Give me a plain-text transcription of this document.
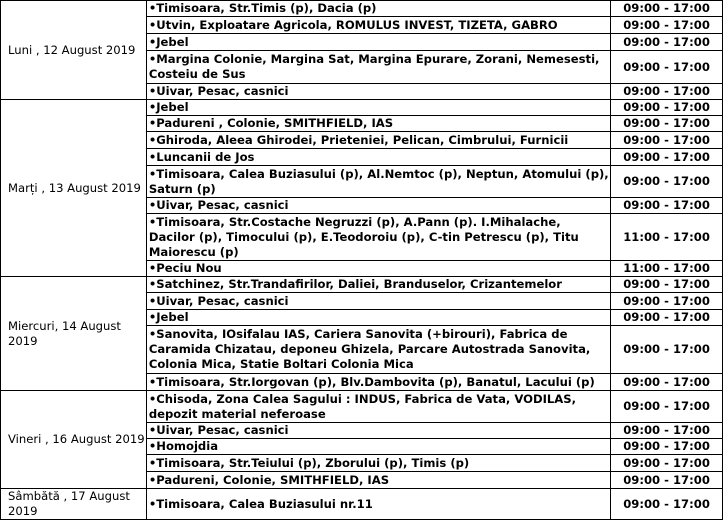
Luni , 12 August 2019	•Timisoara, Str.Timis (p), Dacia (p)	09:00 - 17:00
	•Utvin, Exploatare Agricola, ROMULUS INVEST, TIZETA, GABRO	09:00 - 17:00
	•Jebel	09:00 - 17:00
	•Margina Colonie, Margina Sat, Margina Epurare, Zorani, Nemesesti, Costeiu de Sus	09:00 - 17:00
	•Uivar, Pesac, casnici	09:00 - 17:00
Marți , 13 August 2019	•Jebel	09:00 - 17:00
	•Padureni , Colonie, SMITHFIELD, IAS	09:00 - 17:00
	•Ghiroda, Aleea Ghirodei, Prieteniei, Pelican, Cimbrului, Furnicii	09:00 - 17:00
	•Luncanii de Jos	09:00 - 17:00
	•Timisoara, Calea Buziasului (p), Al.Nemtoc (p), Neptun, Atomului (p), Saturn (p)	09:00 - 17:00
	•Uivar, Pesac, casnici	09:00 - 17:00
	•Timisoara, Str.Costache Negruzzi (p), A.Pann (p). I.Mihalache, Dacilor (p), Timocului (p), E.Teodoroiu (p), C-tin Petrescu (p), Titu Maiorescu (p)	11:00 - 17:00
	•Peciu Nou	11:00 - 17:00
Miercuri, 14 August 2019	•Satchinez, Str.Trandafirilor, Daliei, Branduselor, Crizantemelor	09:00 - 17:00
	•Uivar, Pesac, casnici	09:00 - 17:00
	•Jebel	09:00 - 17:00
	•Sanovita, IOsifalau IAS, Cariera Sanovita (+birouri), Fabrica de Caramida Chizatau, deponeu Ghizela, Parcare Autostrada Sanovita, Colonia Mica, Statie Boltari Colonia Mica	09:00 - 17:00
	•Timisoara, Str.Iorgovan (p), Blv.Dambovita (p), Banatul, Lacului (p)	09:00 - 17:00
Vineri , 16 August 2019	•Chisoda, Zona Calea Sagului : INDUS, Fabrica de Vata, VODILAS, depozit material neferoase	09:00 - 17:00
	•Uivar, Pesac, casnici	09:00 - 17:00
	•Homojdia	09:00 - 17:00
	•Timisoara, Str.Teiului (p), Zborului (p), Timis (p)	09:00 - 17:00
	•Padureni, Colonie, SMITHFIELD, IAS	09:00 - 17:00
Sâmbătă , 17 August 2019	•Timisoara, Calea Buziasului nr.11	09:00 - 17:00
